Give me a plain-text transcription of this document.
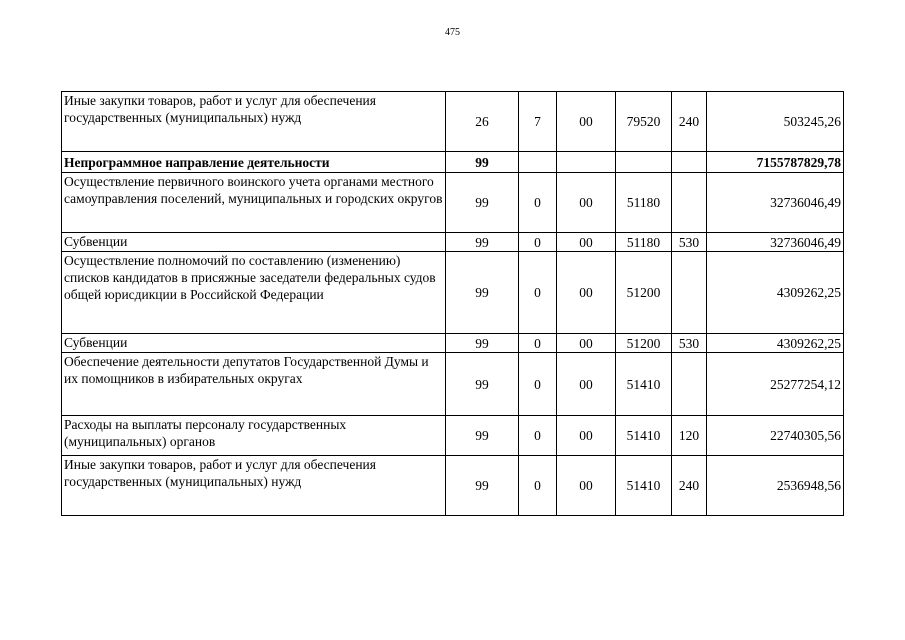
475
Иные закупки товаров, работ и услуг для обеспечения государственных (муниципальных) нужд	26	7	00	79520	240	503245,26
Непрограммное направление деятельности	99					7155787829,78
Осуществление первичного воинского учета органами местного самоуправления поселений, муниципальных и городских округов	99	0	00	51180		32736046,49
Субвенции	99	0	00	51180	530	32736046,49
Осуществление полномочий по составлению (изменению) списков кандидатов в присяжные заседатели федеральных судов общей юрисдикции в Российской Федерации	99	0	00	51200		4309262,25
Субвенции	99	0	00	51200	530	4309262,25
Обеспечение деятельности депутатов Государственной Думы и их помощников в избирательных округах	99	0	00	51410		25277254,12
Расходы на выплаты персоналу государственных (муниципальных) органов	99	0	00	51410	120	22740305,56
Иные закупки товаров, работ и услуг для обеспечения государственных (муниципальных) нужд	99	0	00	51410	240	2536948,56
